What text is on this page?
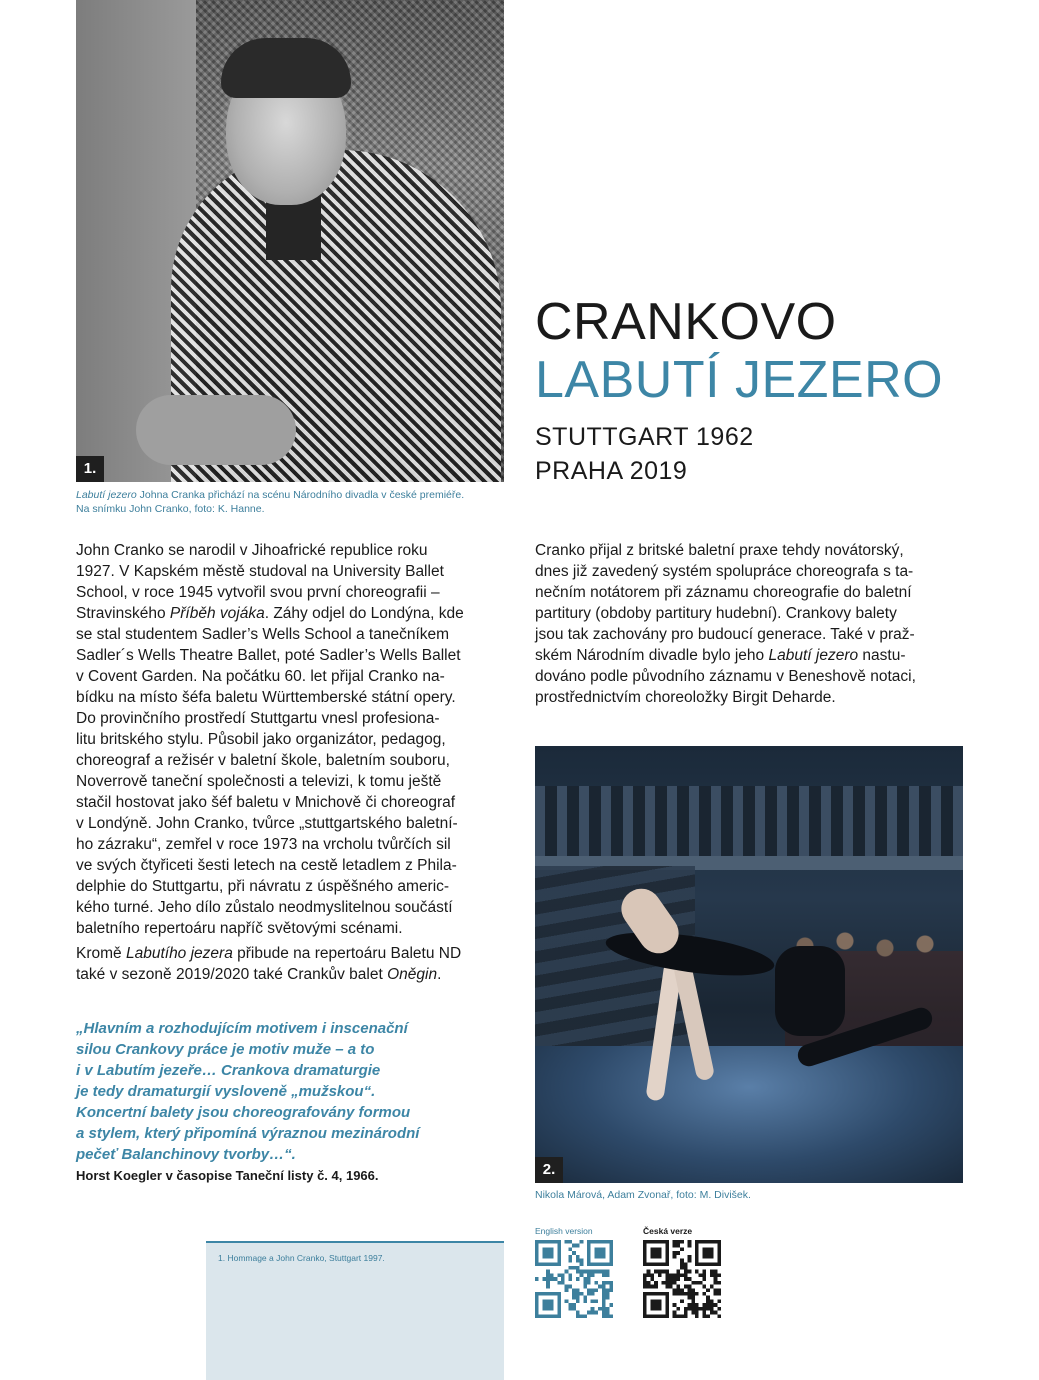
1.
Labutí jezero Johna Cranka přichází na scénu Národního divadla v české premiéře.
Na snímku John Cranko, foto: K. Hanne.
CRANKOVO
LABUTÍ JEZERO
STUTTGART 1962
PRAHA 2019
John Cranko se narodil v Jihoafrické republice roku
1927. V Kapském městě studoval na University Ballet
School, v roce 1945 vytvořil svou první choreografii –
Stravinského Příběh vojáka. Záhy odjel do Londýna, kde
se stal studentem Sadler’s Wells School a tanečníkem
Sadler´s Wells Theatre Ballet, poté Sadler’s Wells Ballet
v Covent Garden. Na počátku 60. let přijal Cranko na-
bídku na místo šéfa baletu Württemberské státní opery.
Do provinčního prostředí Stuttgartu vnesl profesiona-
litu britského stylu. Působil jako organizátor, pedagog,
choreograf a režisér v baletní škole, baletním souboru,
Noverrově taneční společnosti a televizi, k tomu ještě
stačil hostovat jako šéf baletu v Mnichově či choreograf
v Londýně. John Cranko, tvůrce „stuttgartského baletní-
ho zázraku“, zemřel v roce 1973 na vrcholu tvůrčích sil
ve svých čtyřiceti šesti letech na cestě letadlem z Phila-
delphie do Stuttgartu, při návratu z úspěšného americ-
kého turné. Jeho dílo zůstalo neodmyslitelnou součástí
baletního repertoáru napříč světovými scénami.
Kromě Labutího jezera přibude na repertoáru Baletu ND
také v sezoně 2019/2020 také Crankův balet Oněgin.
Cranko přijal z britské baletní praxe tehdy novátorský,
dnes již zavedený systém spolupráce choreografa s ta-
nečním notátorem při záznamu choreografie do baletní
partitury (obdoby partitury hudební). Crankovy balety
jsou tak zachovány pro budoucí generace. Také v praž-
ském Národním divadle bylo jeho Labutí jezero nastu-
dováno podle původního záznamu v Beneshově notaci,
prostřednictvím choreoložky Birgit Deharde.
„Hlavním a rozhodujícím motivem i inscenační
silou Crankovy práce je motiv muže – a to
i v Labutím jezeře… Crankova dramaturgie
je tedy dramaturgií vysloveně „mužskou“.
Koncertní balety jsou choreografovány formou
a stylem, který připomíná výraznou mezinárodní
pečeť Balanchinovy tvorby…“.
Horst Koegler v časopise Taneční listy č. 4, 1966.	2.
Nikola Márová, Adam Zvonař, foto: M. Divišek.
1. Hommage a John Cranko, Stuttgart 1997.
English version	Česká verze
